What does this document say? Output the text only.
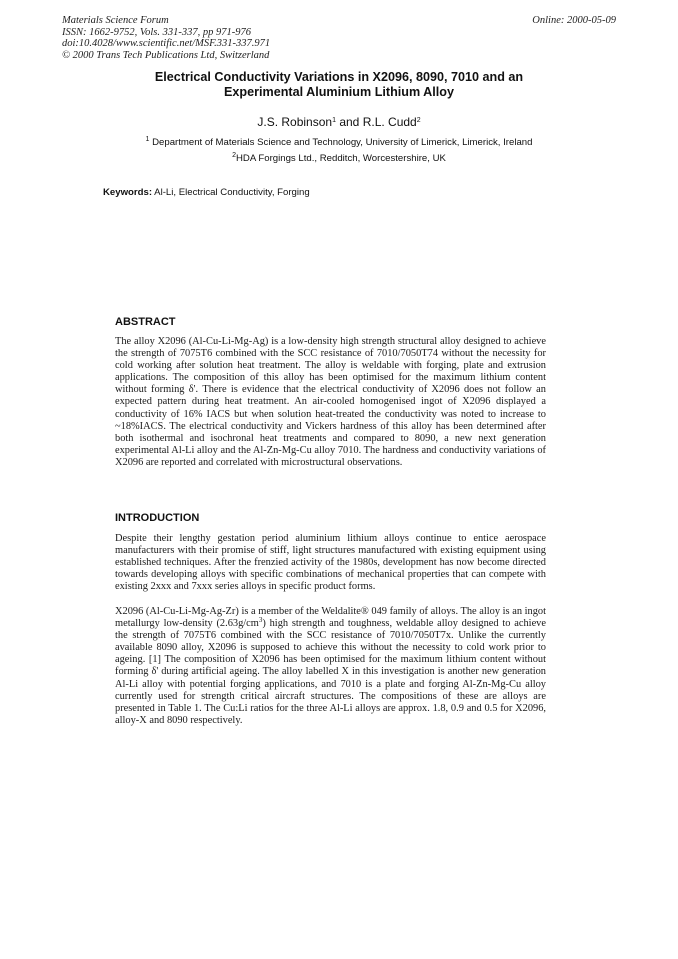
Materials Science Forum
ISSN: 1662-9752, Vols. 331-337, pp 971-976
doi:10.4028/www.scientific.net/MSF.331-337.971
© 2000 Trans Tech Publications Ltd, Switzerland
Online: 2000-05-09
Electrical Conductivity Variations in X2096, 8090, 7010 and an
Experimental Aluminium Lithium Alloy
J.S. Robinson$^1$ and R.L. Cudd$^2$
$^1$ Department of Materials Science and Technology, University of Limerick, Limerick, Ireland
$^2$HDA Forgings Ltd., Redditch, Worcestershire, UK
Keywords: Al-Li, Electrical Conductivity, Forging
ABSTRACT
The alloy X2096 (Al-Cu-Li-Mg-Ag) is a low-density high strength structural alloy designed to achieve the strength of 7075T6 combined with the SCC resistance of 7010/7050T74 without the necessity for cold working after solution heat treatment. The alloy is weldable with forging, plate and extrusion applications. The composition of this alloy has been optimised for the maximum lithium content without forming δ'. There is evidence that the electrical conductivity of X2096 does not follow an expected pattern during heat treatment. An air-cooled homogenised ingot of X2096 displayed a conductivity of 16% IACS but when solution heat-treated the conductivity was noted to increase to ~18%IACS. The electrical conductivity and Vickers hardness of this alloy has been determined after both isothermal and isochronal heat treatments and compared to 8090, a new next generation experimental Al-Li alloy and the Al-Zn-Mg-Cu alloy 7010. The hardness and conductivity variations of X2096 are reported and correlated with microstructural observations.
INTRODUCTION
Despite their lengthy gestation period aluminium lithium alloys continue to entice aerospace manufacturers with their promise of stiff, light structures manufactured with existing equipment using established techniques. After the frenzied activity of the 1980s, development has now become directed towards developing alloys with specific combinations of mechanical properties that can compete with existing 2xxx and 7xxx series alloys in specific product forms.
X2096 (Al-Cu-Li-Mg-Ag-Zr) is a member of the Weldalite® 049 family of alloys. The alloy is an ingot metallurgy low-density $(2.63g/cm^3)$ high strength and toughness, weldable alloy designed to achieve the strength of 7075T6 combined with the SCC resistance of 7010/7050T7x. Unlike the currently available 8090 alloy, X2096 is supposed to achieve this without the necessity to cold work prior to ageing. [1] The composition of X2096 has been optimised for the maximum lithium content without forming δ' during artificial ageing. The alloy labelled X in this investigation is another new generation Al-Li alloy with potential forging applications, and 7010 is a plate and forging Al-Zn-Mg-Cu alloy currently used for strength critical aircraft structures. The compositions of these are alloys are presented in Table 1. The Cu:Li ratios for the three Al-Li alloys are approx. 1.8, 0.9 and 0.5 for X2096, alloy-X and 8090 respectively.
